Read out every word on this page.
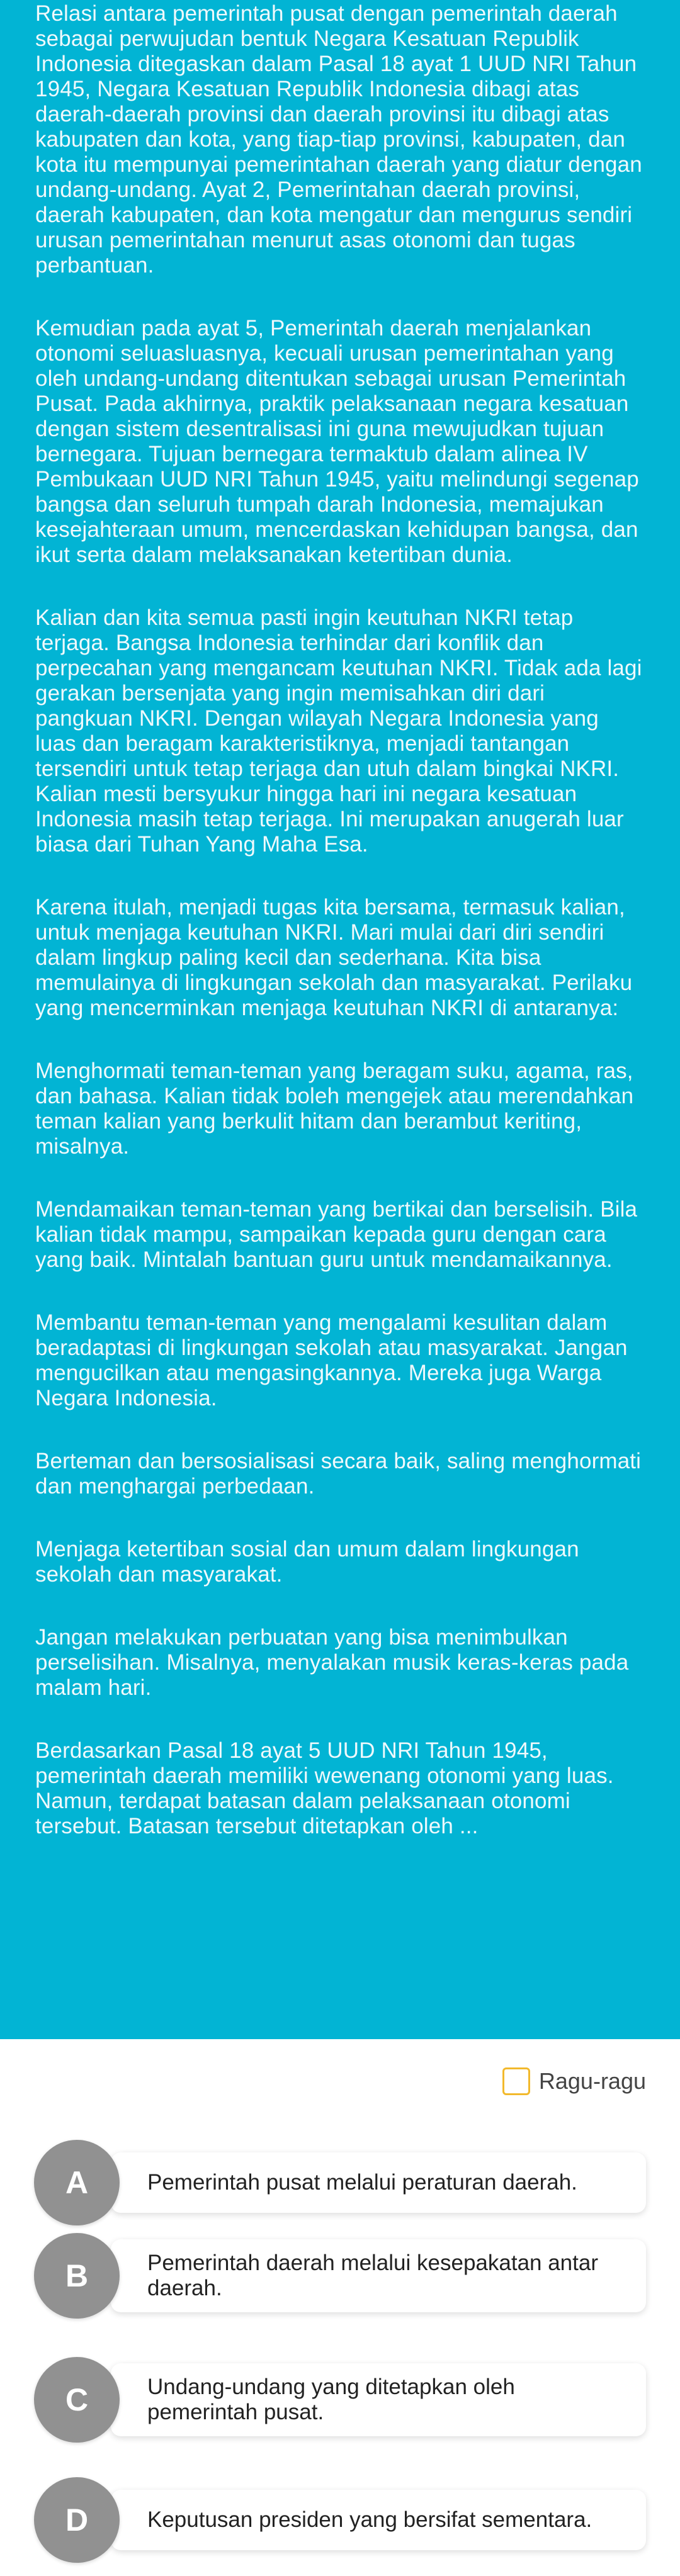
Relasi antara pemerintah pusat dengan pemerintah daerah sebagai perwujudan bentuk Negara Kesatuan Republik Indonesia ditegaskan dalam Pasal 18 ayat 1 UUD NRI Tahun 1945, Negara Kesatuan Republik Indonesia dibagi atas daerah-daerah provinsi dan daerah provinsi itu dibagi atas kabupaten dan kota, yang tiap-tiap provinsi, kabupaten, dan kota itu mempunyai pemerintahan daerah yang diatur dengan undang-undang. Ayat 2, Pemerintahan daerah provinsi, daerah kabupaten, dan kota mengatur dan mengurus sendiri urusan pemerintahan menurut asas otonomi dan tugas perbantuan.

Kemudian pada ayat 5, Pemerintah daerah menjalankan otonomi seluasluasnya, kecuali urusan pemerintahan yang oleh undang-undang ditentukan sebagai urusan Pemerintah Pusat. Pada akhirnya, praktik pelaksanaan negara kesatuan dengan sistem desentralisasi ini guna mewujudkan tujuan bernegara. Tujuan bernegara termaktub dalam alinea IV Pembukaan UUD NRI Tahun 1945, yaitu melindungi segenap bangsa dan seluruh tumpah darah Indonesia, memajukan kesejahteraan umum, mencerdaskan kehidupan bangsa, dan ikut serta dalam melaksanakan ketertiban dunia.

Kalian dan kita semua pasti ingin keutuhan NKRI tetap terjaga. Bangsa Indonesia terhindar dari konflik dan perpecahan yang mengancam keutuhan NKRI. Tidak ada lagi gerakan bersenjata yang ingin memisahkan diri dari pangkuan NKRI. Dengan wilayah Negara Indonesia yang luas dan beragam karakteristiknya, menjadi tantangan tersendiri untuk tetap terjaga dan utuh dalam bingkai NKRI. Kalian mesti bersyukur hingga hari ini negara kesatuan Indonesia masih tetap terjaga. Ini merupakan anugerah luar biasa dari Tuhan Yang Maha Esa.

Karena itulah, menjadi tugas kita bersama, termasuk kalian, untuk menjaga keutuhan NKRI. Mari mulai dari diri sendiri dalam lingkup paling kecil dan sederhana. Kita bisa memulainya di lingkungan sekolah dan masyarakat. Perilaku yang mencerminkan menjaga keutuhan NKRI di antaranya:

Menghormati teman-teman yang beragam suku, agama, ras, dan bahasa. Kalian tidak boleh mengejek atau merendahkan teman kalian yang berkulit hitam dan berambut keriting, misalnya.

Mendamaikan teman-teman yang bertikai dan berselisih. Bila kalian tidak mampu, sampaikan kepada guru dengan cara yang baik. Mintalah bantuan guru untuk mendamaikannya.

Membantu teman-teman yang mengalami kesulitan dalam beradaptasi di lingkungan sekolah atau masyarakat. Jangan mengucilkan atau mengasingkannya. Mereka juga Warga Negara Indonesia.

Berteman dan bersosialisasi secara baik, saling menghormati dan menghargai perbedaan.

Menjaga ketertiban sosial dan umum dalam lingkungan sekolah dan masyarakat.

Jangan melakukan perbuatan yang bisa menimbulkan perselisihan. Misalnya, menyalakan musik keras-keras pada malam hari.

Berdasarkan Pasal 18 ayat 5 UUD NRI Tahun 1945, pemerintah daerah memiliki wewenang otonomi yang luas. Namun, terdapat batasan dalam pelaksanaan otonomi tersebut. Batasan tersebut ditetapkan oleh ...

Ragu-ragu
Pemerintah pusat melalui peraturan daerah.
A
Pemerintah daerah melalui kesepakatan antar daerah.
B
Undang-undang yang ditetapkan oleh pemerintah pusat.
C
Keputusan presiden yang bersifat sementara.
D
